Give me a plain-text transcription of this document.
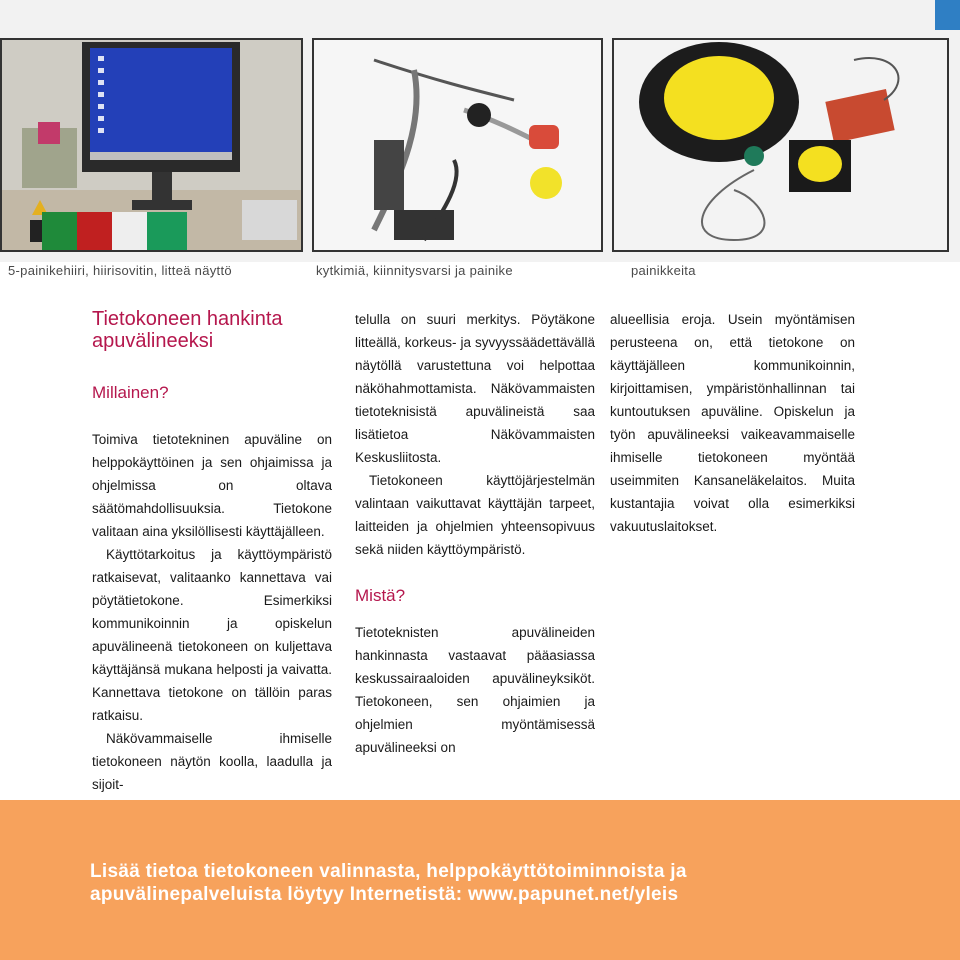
5-painikehiiri, hiirisovitin, litteä näyttö	kytkimiä, kiinnitysvarsi ja painike	painikkeita
Tietokoneen hankinta
apuvälineeksi
Millainen?

Toimiva tietotekninen apuväline on helppokäyttöinen ja sen ohjaimissa ja ohjelmissa on oltava säätömahdollisuuksia. Tietokone valitaan aina yksilöllisesti käyttäjälleen.

Käyttötarkoitus ja käyttöympäristö ratkaisevat, valitaanko kannettava vai pöytätietokone. Esimerkiksi kommunikoinnin ja opiskelun apuvälineenä tietokoneen on kuljettava käyttäjänsä mukana helposti ja vaivatta. Kannettava tietokone on tällöin paras ratkaisu.

Näkövammaiselle ihmiselle tietokoneen näytön koolla, laadulla ja sijoit-

telulla on suuri merkitys. Pöytäkone litteällä, korkeus- ja syvyyssäädettävällä näytöllä varustettuna voi helpottaa näköhahmottamista. Näkövammaisten tietoteknisistä apuvälineistä saa lisätietoa Näkövammaisten Keskusliitosta.

Tietokoneen käyttöjärjestelmän valintaan vaikuttavat käyttäjän tarpeet, laitteiden ja ohjelmien yhteensopivuus sekä niiden käyttöympäristö.

Mistä?

Tietoteknisten apuvälineiden hankinnasta vastaavat pääasiassa keskussairaaloiden apuvälineyksiköt. Tietokoneen, sen ohjaimien ja ohjelmien myöntämisessä apuvälineeksi on

alueellisia eroja. Usein myöntämisen perusteena on, että tietokone on käyttäjälleen kommunikoinnin, kirjoittamisen, ympäristönhallinnan tai kuntoutuksen apuväline. Opiskelun ja työn apuvälineeksi vaikeavammaiselle ihmiselle tietokoneen myöntää useimmiten Kansaneläkelaitos. Muita kustantajia voivat olla esimerkiksi vakuutuslaitokset.

Lisää tietoa tietokoneen valinnasta, helppokäyttötoiminnoista ja
apuvälinepalveluista löytyy Internetistä: www.papunet.net/yleis
